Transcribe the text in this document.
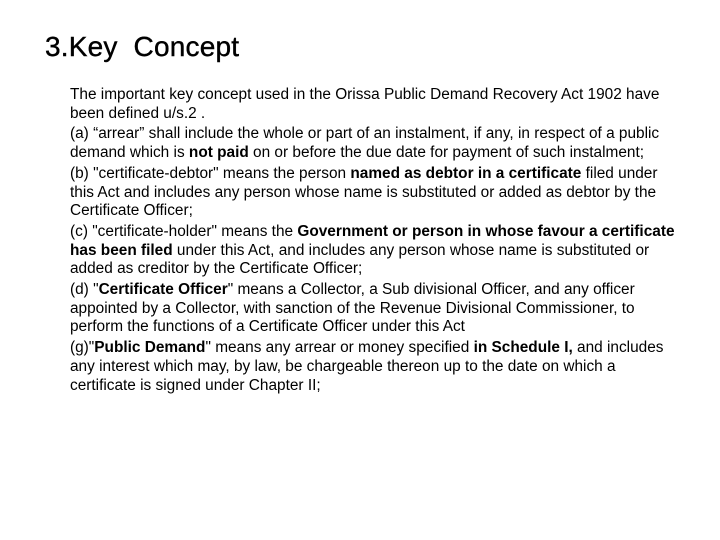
3.Key  Concept

The important key concept used in the Orissa Public Demand Recovery Act 1902 have been defined u/s.2 .

(a) “arrear” shall include the whole or part of an instalment, if any, in respect of a public demand which is not paid on or before the due date for payment of such instalment;

(b) "certificate-debtor" means the person named as debtor in a certificate filed under this Act and includes any person whose name is substituted or added as debtor by the Certificate Officer;

(c) "certificate-holder" means the Government or person in whose favour a certificate has been filed under this Act, and includes any person whose name is substituted or added as creditor by the Certificate Officer;

(d) "Certificate Officer" means a Collector, a Sub divisional Officer, and any officer appointed by a Collector, with sanction of the Revenue Divisional Commissioner, to perform the functions of a Certificate Officer under this Act

(g)"Public Demand" means any arrear or money specified in Schedule I, and includes any interest which may, by law, be chargeable thereon up to the date on which a certificate is signed under Chapter II;
